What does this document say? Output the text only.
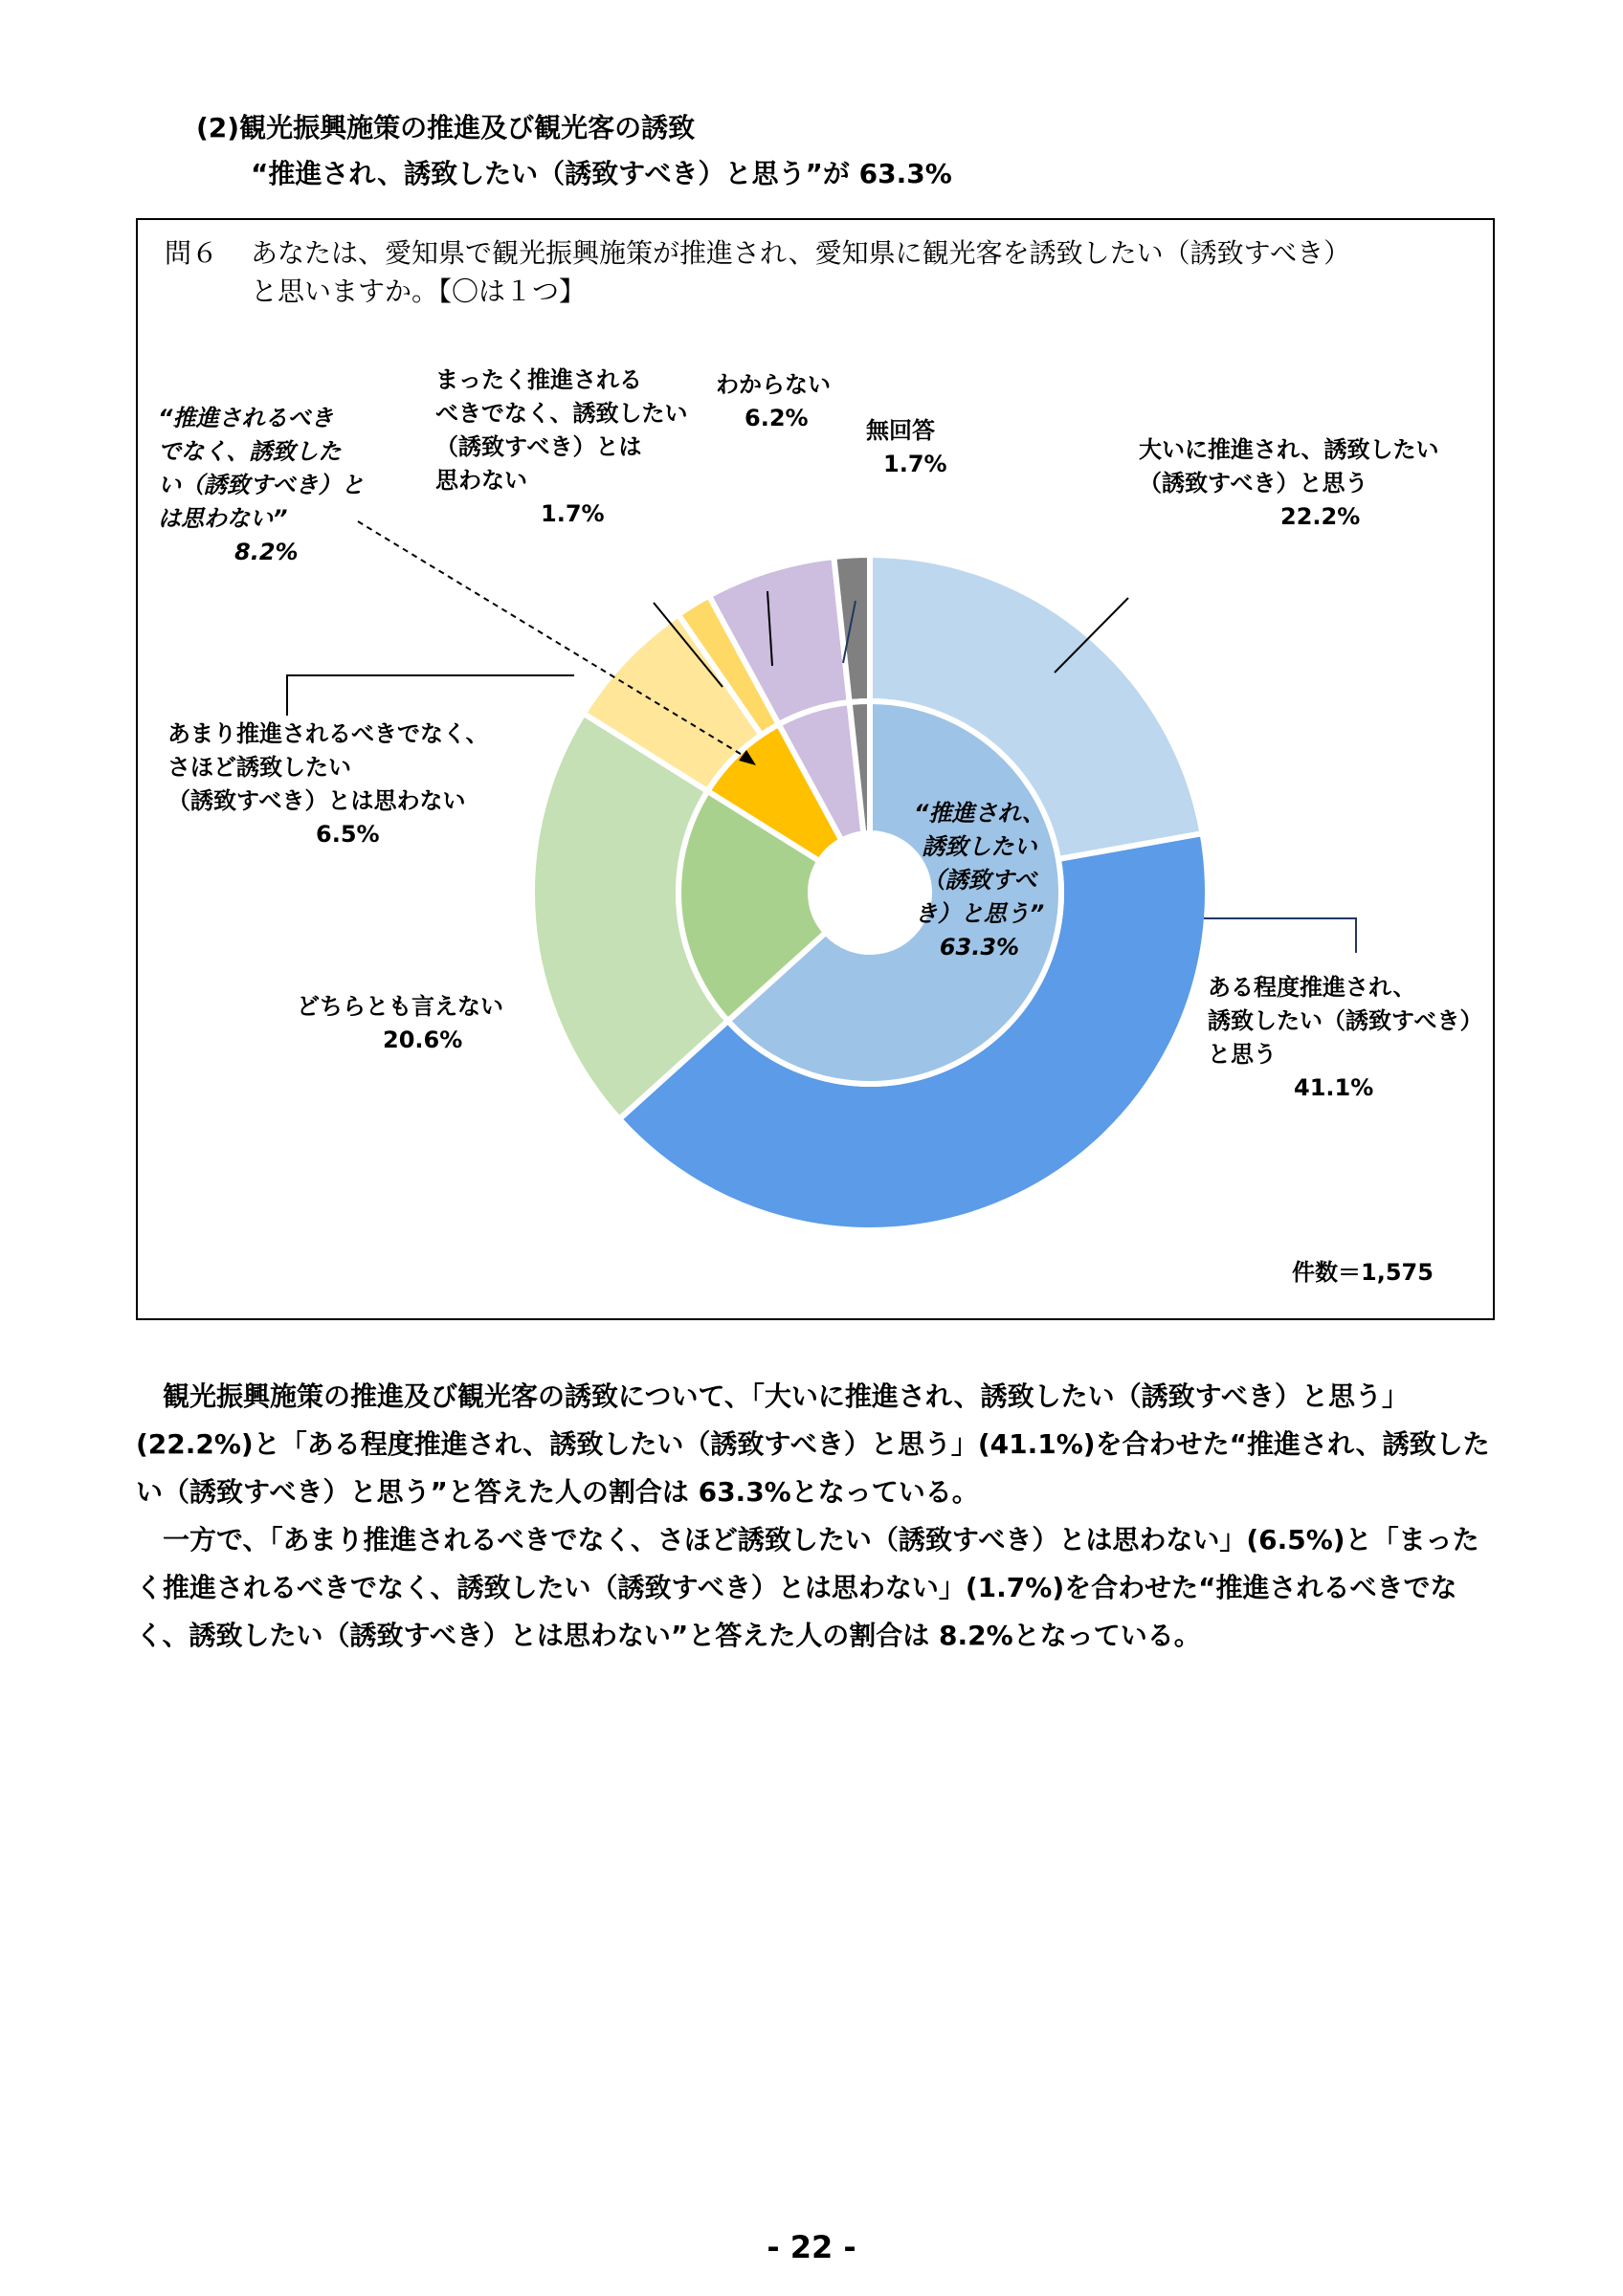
(2)観光振興施策の推進及び観光客の誘致
“推進され、誘致したい（誘致すべき）と思う”が 63.3%
問６ あなたは、愛知県で観光振興施策が推進され、愛知県に観光客を誘致したい（誘致すべき）
と思いますか。【〇は１つ】
大いに推進され、誘致したい
（誘致すべき）と思う
22.2%
ある程度推進され、
誘致したい（誘致すべき）
と思う
41.1%
どちらとも言えない
20.6%
あまり推進されるべきでなく、
さほど誘致したい
（誘致すべき）とは思わない
6.5%
まったく推進される
べきでなく、誘致したい
（誘致すべき）とは
思わない
1.7%
わからない
6.2%	無回答
1.7%
“推進されるべき
でなく、誘致した
い（誘致すべき）と
は思わない”
8.2%
“推進され、
誘致したい
（誘致すべ
き）と思う”
63.3%
件数＝1,575
　観光振興施策の推進及び観光客の誘致について、「大いに推進され、誘致したい（誘致すべき）と思う」(22.2%)と「ある程度推進され、誘致したい（誘致すべき）と思う」(41.1%)を合わせた“推進され、誘致したい（誘致すべき）と思う”と答えた人の割合は 63.3%となっている。
　一方で、「あまり推進されるべきでなく、さほど誘致したい（誘致すべき）とは思わない」(6.5%)と「まったく推進されるべきでなく、誘致したい（誘致すべき）とは思わない」(1.7%)を合わせた“推進されるべきでなく、誘致したい（誘致すべき）とは思わない”と答えた人の割合は 8.2%となっている。
- 22 -
